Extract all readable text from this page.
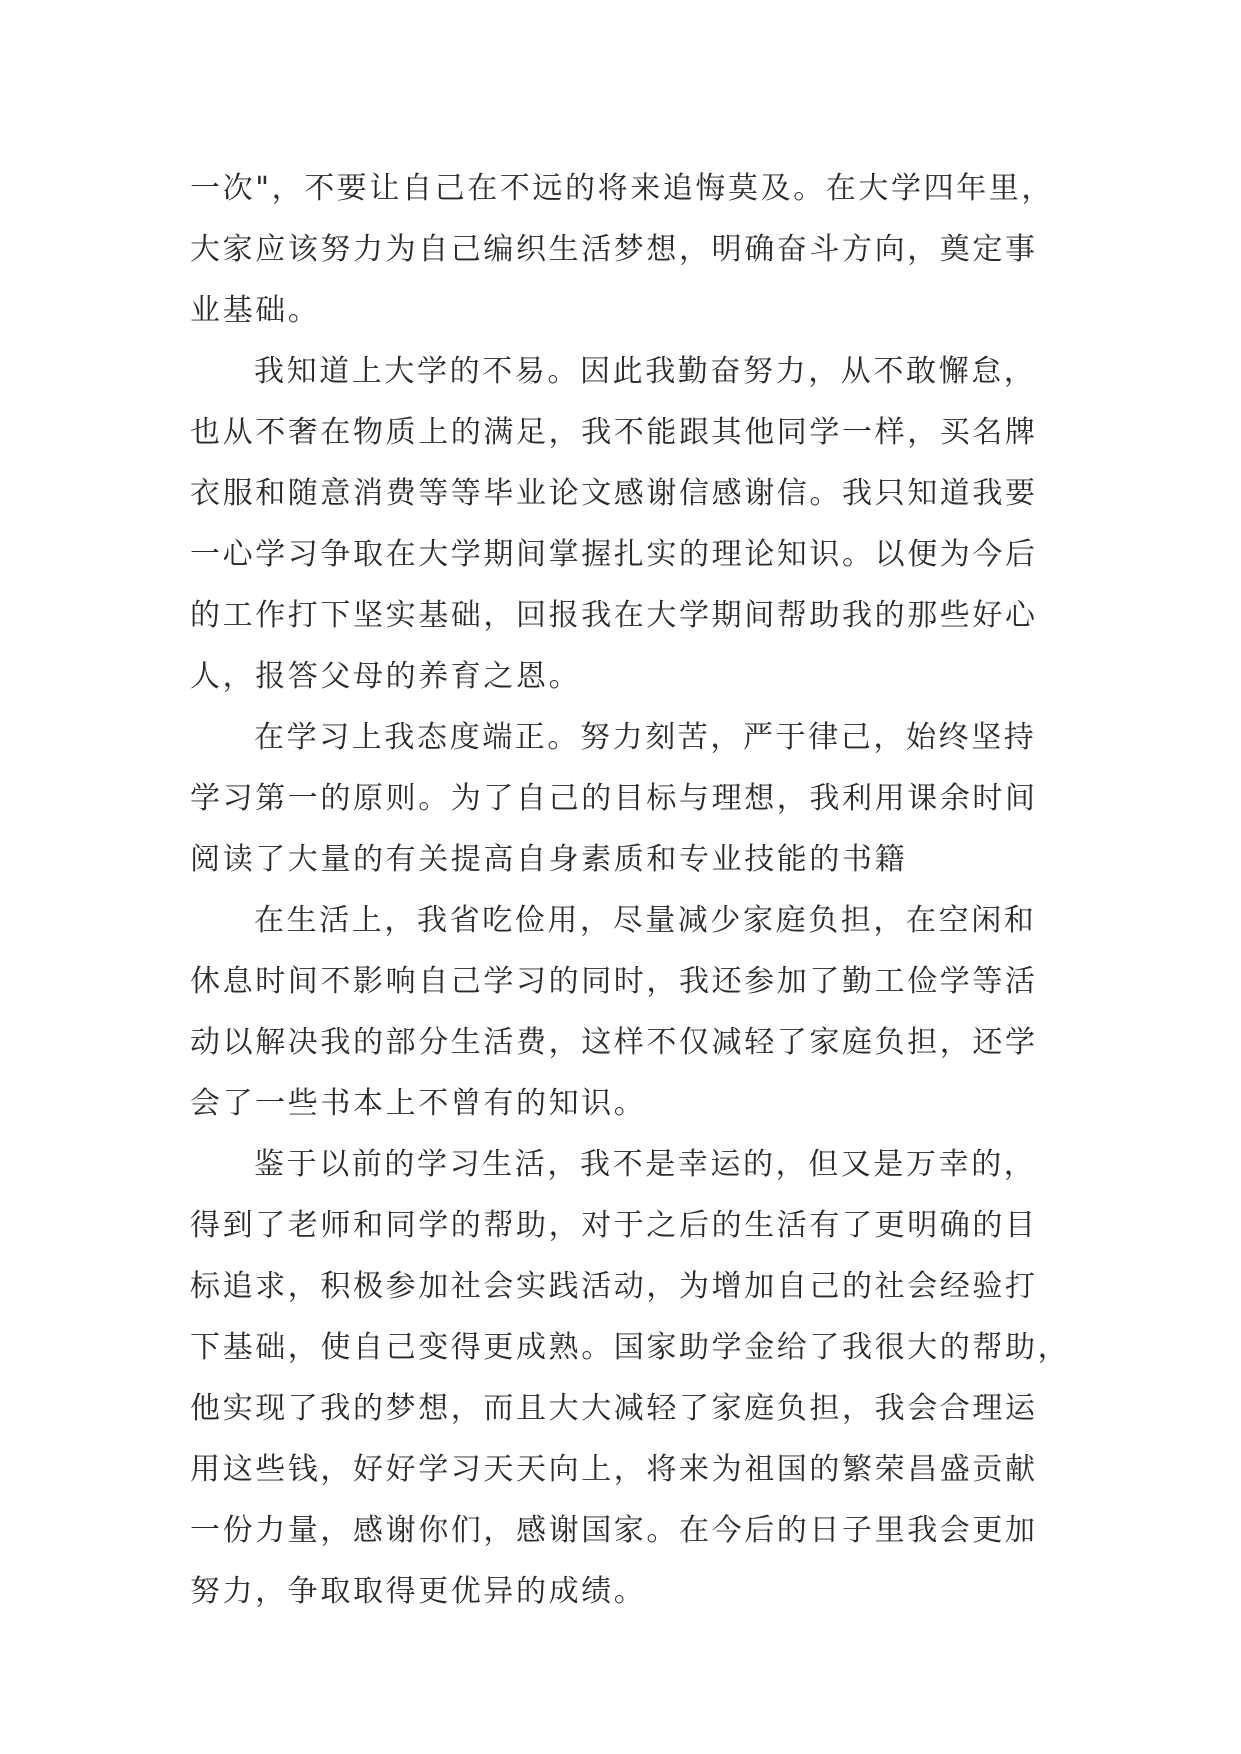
一次"，不要让自己在不远的将来追悔莫及。在大学四年里，
大家应该努力为自己编织生活梦想，明确奋斗方向，奠定事
业基础。
我知道上大学的不易。因此我勤奋努力，从不敢懈怠，
也从不奢在物质上的满足，我不能跟其他同学一样，买名牌
衣服和随意消费等等毕业论文感谢信感谢信。我只知道我要
一心学习争取在大学期间掌握扎实的理论知识。以便为今后
的工作打下坚实基础，回报我在大学期间帮助我的那些好心
人，报答父母的养育之恩。
在学习上我态度端正。努力刻苦，严于律己，始终坚持
学习第一的原则。为了自己的目标与理想，我利用课余时间
阅读了大量的有关提高自身素质和专业技能的书籍
在生活上，我省吃俭用，尽量减少家庭负担，在空闲和
休息时间不影响自己学习的同时，我还参加了勤工俭学等活
动以解决我的部分生活费，这样不仅减轻了家庭负担，还学
会了一些书本上不曾有的知识。
鉴于以前的学习生活，我不是幸运的，但又是万幸的，
得到了老师和同学的帮助，对于之后的生活有了更明确的目
标追求，积极参加社会实践活动，为增加自己的社会经验打
下基础，使自己变得更成熟。国家助学金给了我很大的帮助，
他实现了我的梦想，而且大大减轻了家庭负担，我会合理运
用这些钱，好好学习天天向上，将来为祖国的繁荣昌盛贡献
一份力量，感谢你们，感谢国家。在今后的日子里我会更加
努力，争取取得更优异的成绩。
